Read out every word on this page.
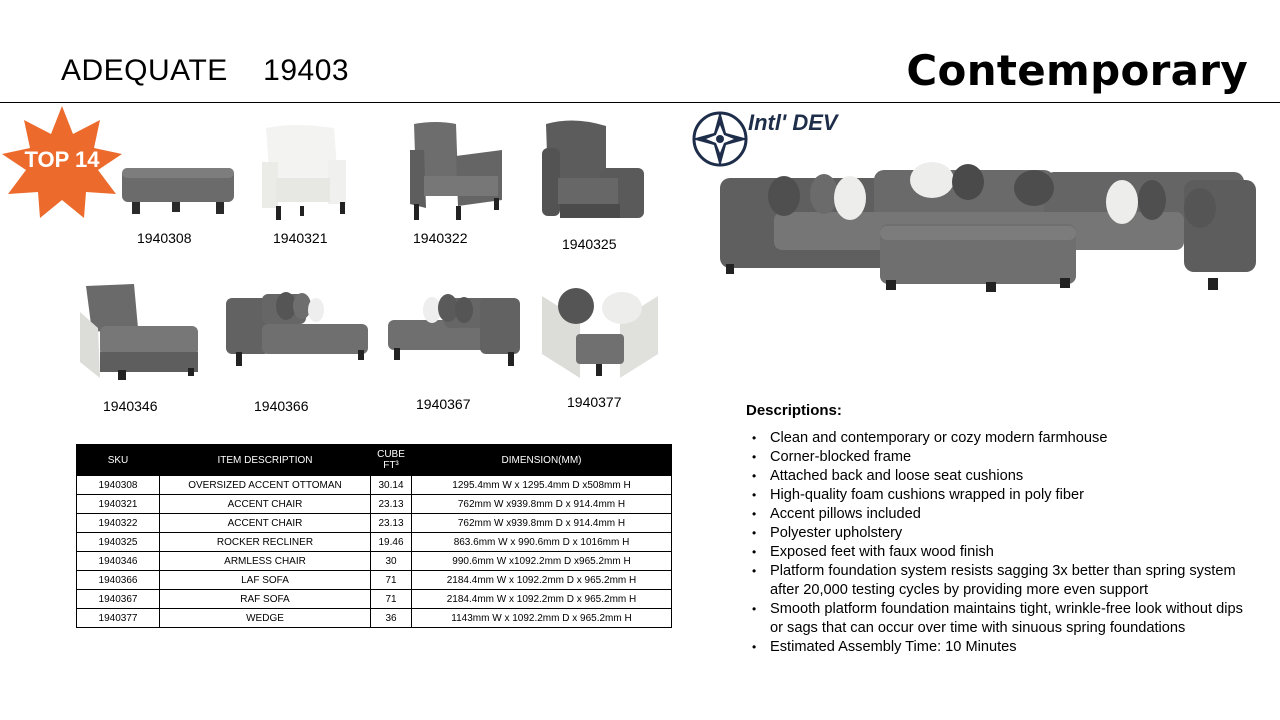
ADEQUATE    19403	Contemporary
TOP 14
1940308	1940321	1940322	1940325
1940346	1940366	1940367	1940377
Intl' DEV
SKU	ITEM DESCRIPTION	CUBE FT³	DIMENSION(MM)
1940308	OVERSIZED ACCENT OTTOMAN	30.14	1295.4mm W x 1295.4mm D x508mm H
1940321	ACCENT CHAIR	23.13	762mm W x939.8mm D x 914.4mm H
1940322	ACCENT CHAIR	23.13	762mm W x939.8mm D x 914.4mm H
1940325	ROCKER RECLINER	19.46	863.6mm W x 990.6mm D x 1016mm H
1940346	ARMLESS CHAIR	30	990.6mm W x1092.2mm D x965.2mm H
1940366	LAF SOFA	71	2184.4mm W x 1092.2mm D x 965.2mm H
1940367	RAF SOFA	71	2184.4mm W x 1092.2mm D x 965.2mm H
1940377	WEDGE	36	1143mm W x 1092.2mm D x 965.2mm H
Descriptions:
• Clean and contemporary or cozy modern farmhouse
• Corner-blocked frame
• Attached back and loose seat cushions
• High-quality foam cushions wrapped in poly fiber
• Accent pillows included
• Polyester upholstery
• Exposed feet with faux wood finish
• Platform foundation system resists sagging 3x better than spring system after 20,000 testing cycles by providing more even support
• Smooth platform foundation maintains tight, wrinkle-free look without dips or sags that can occur over time with sinuous spring foundations
• Estimated Assembly Time: 10 Minutes
